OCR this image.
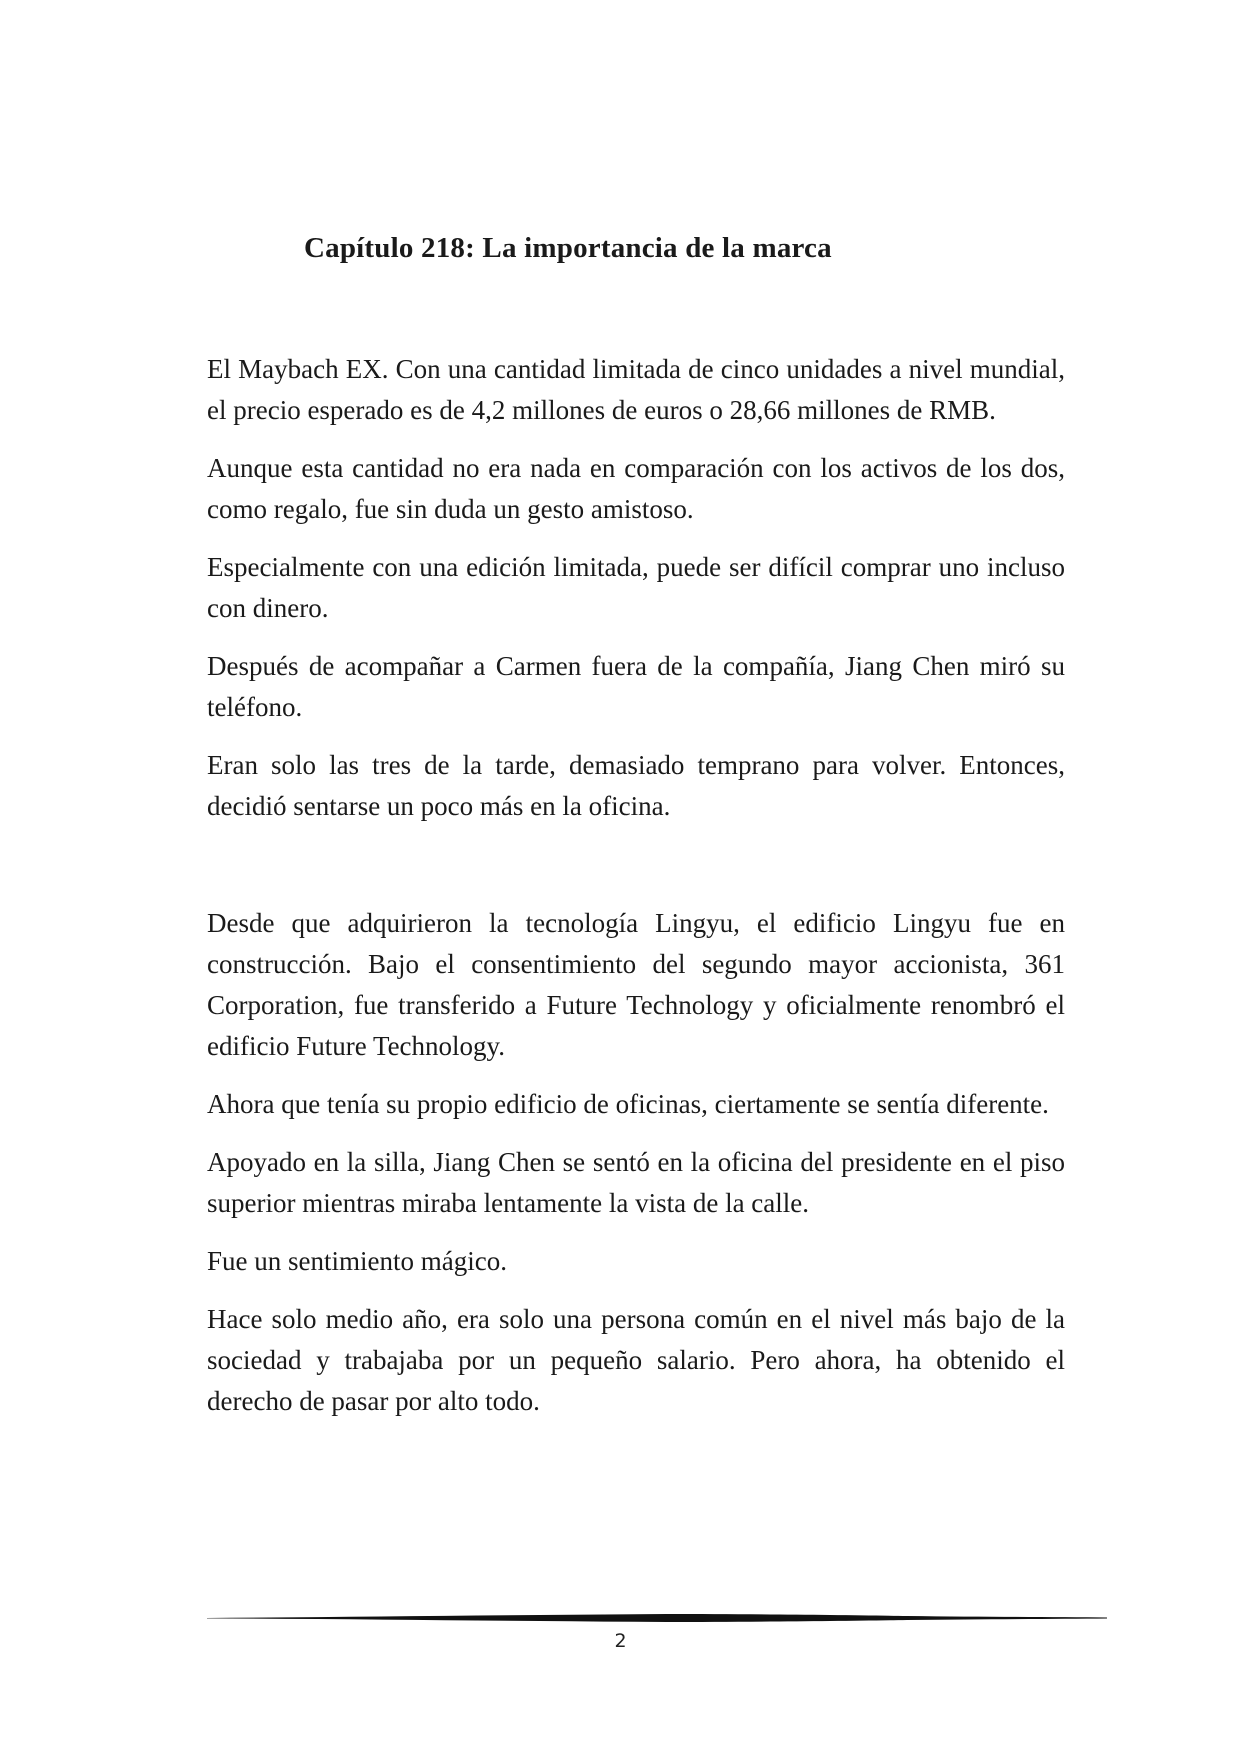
Capítulo 218: La importancia de la marca

El Maybach EX. Con una cantidad limitada de cinco unidades a nivel mundial, el precio esperado es de 4,2 millones de euros o 28,66 millones de RMB.

Aunque esta cantidad no era nada en comparación con los activos de los dos, como regalo, fue sin duda un gesto amistoso.

Especialmente con una edición limitada, puede ser difícil comprar uno incluso con dinero.

Después de acompañar a Carmen fuera de la compañía, Jiang Chen miró su teléfono.

Eran solo las tres de la tarde, demasiado temprano para volver. Entonces, decidió sentarse un poco más en la oficina.

Desde que adquirieron la tecnología Lingyu, el edificio Lingyu fue en construcción. Bajo el consentimiento del segundo mayor accionista, 361 Corporation, fue transferido a Future Technology y oficialmente renombró el edificio Future Technology.

Ahora que tenía su propio edificio de oficinas, ciertamente se sentía diferente.

Apoyado en la silla, Jiang Chen se sentó en la oficina del presidente en el piso superior mientras miraba lentamente la vista de la calle.

Fue un sentimiento mágico.

Hace solo medio año, era solo una persona común en el nivel más bajo de la sociedad y trabajaba por un pequeño salario. Pero ahora, ha obtenido el derecho de pasar por alto todo.

2
